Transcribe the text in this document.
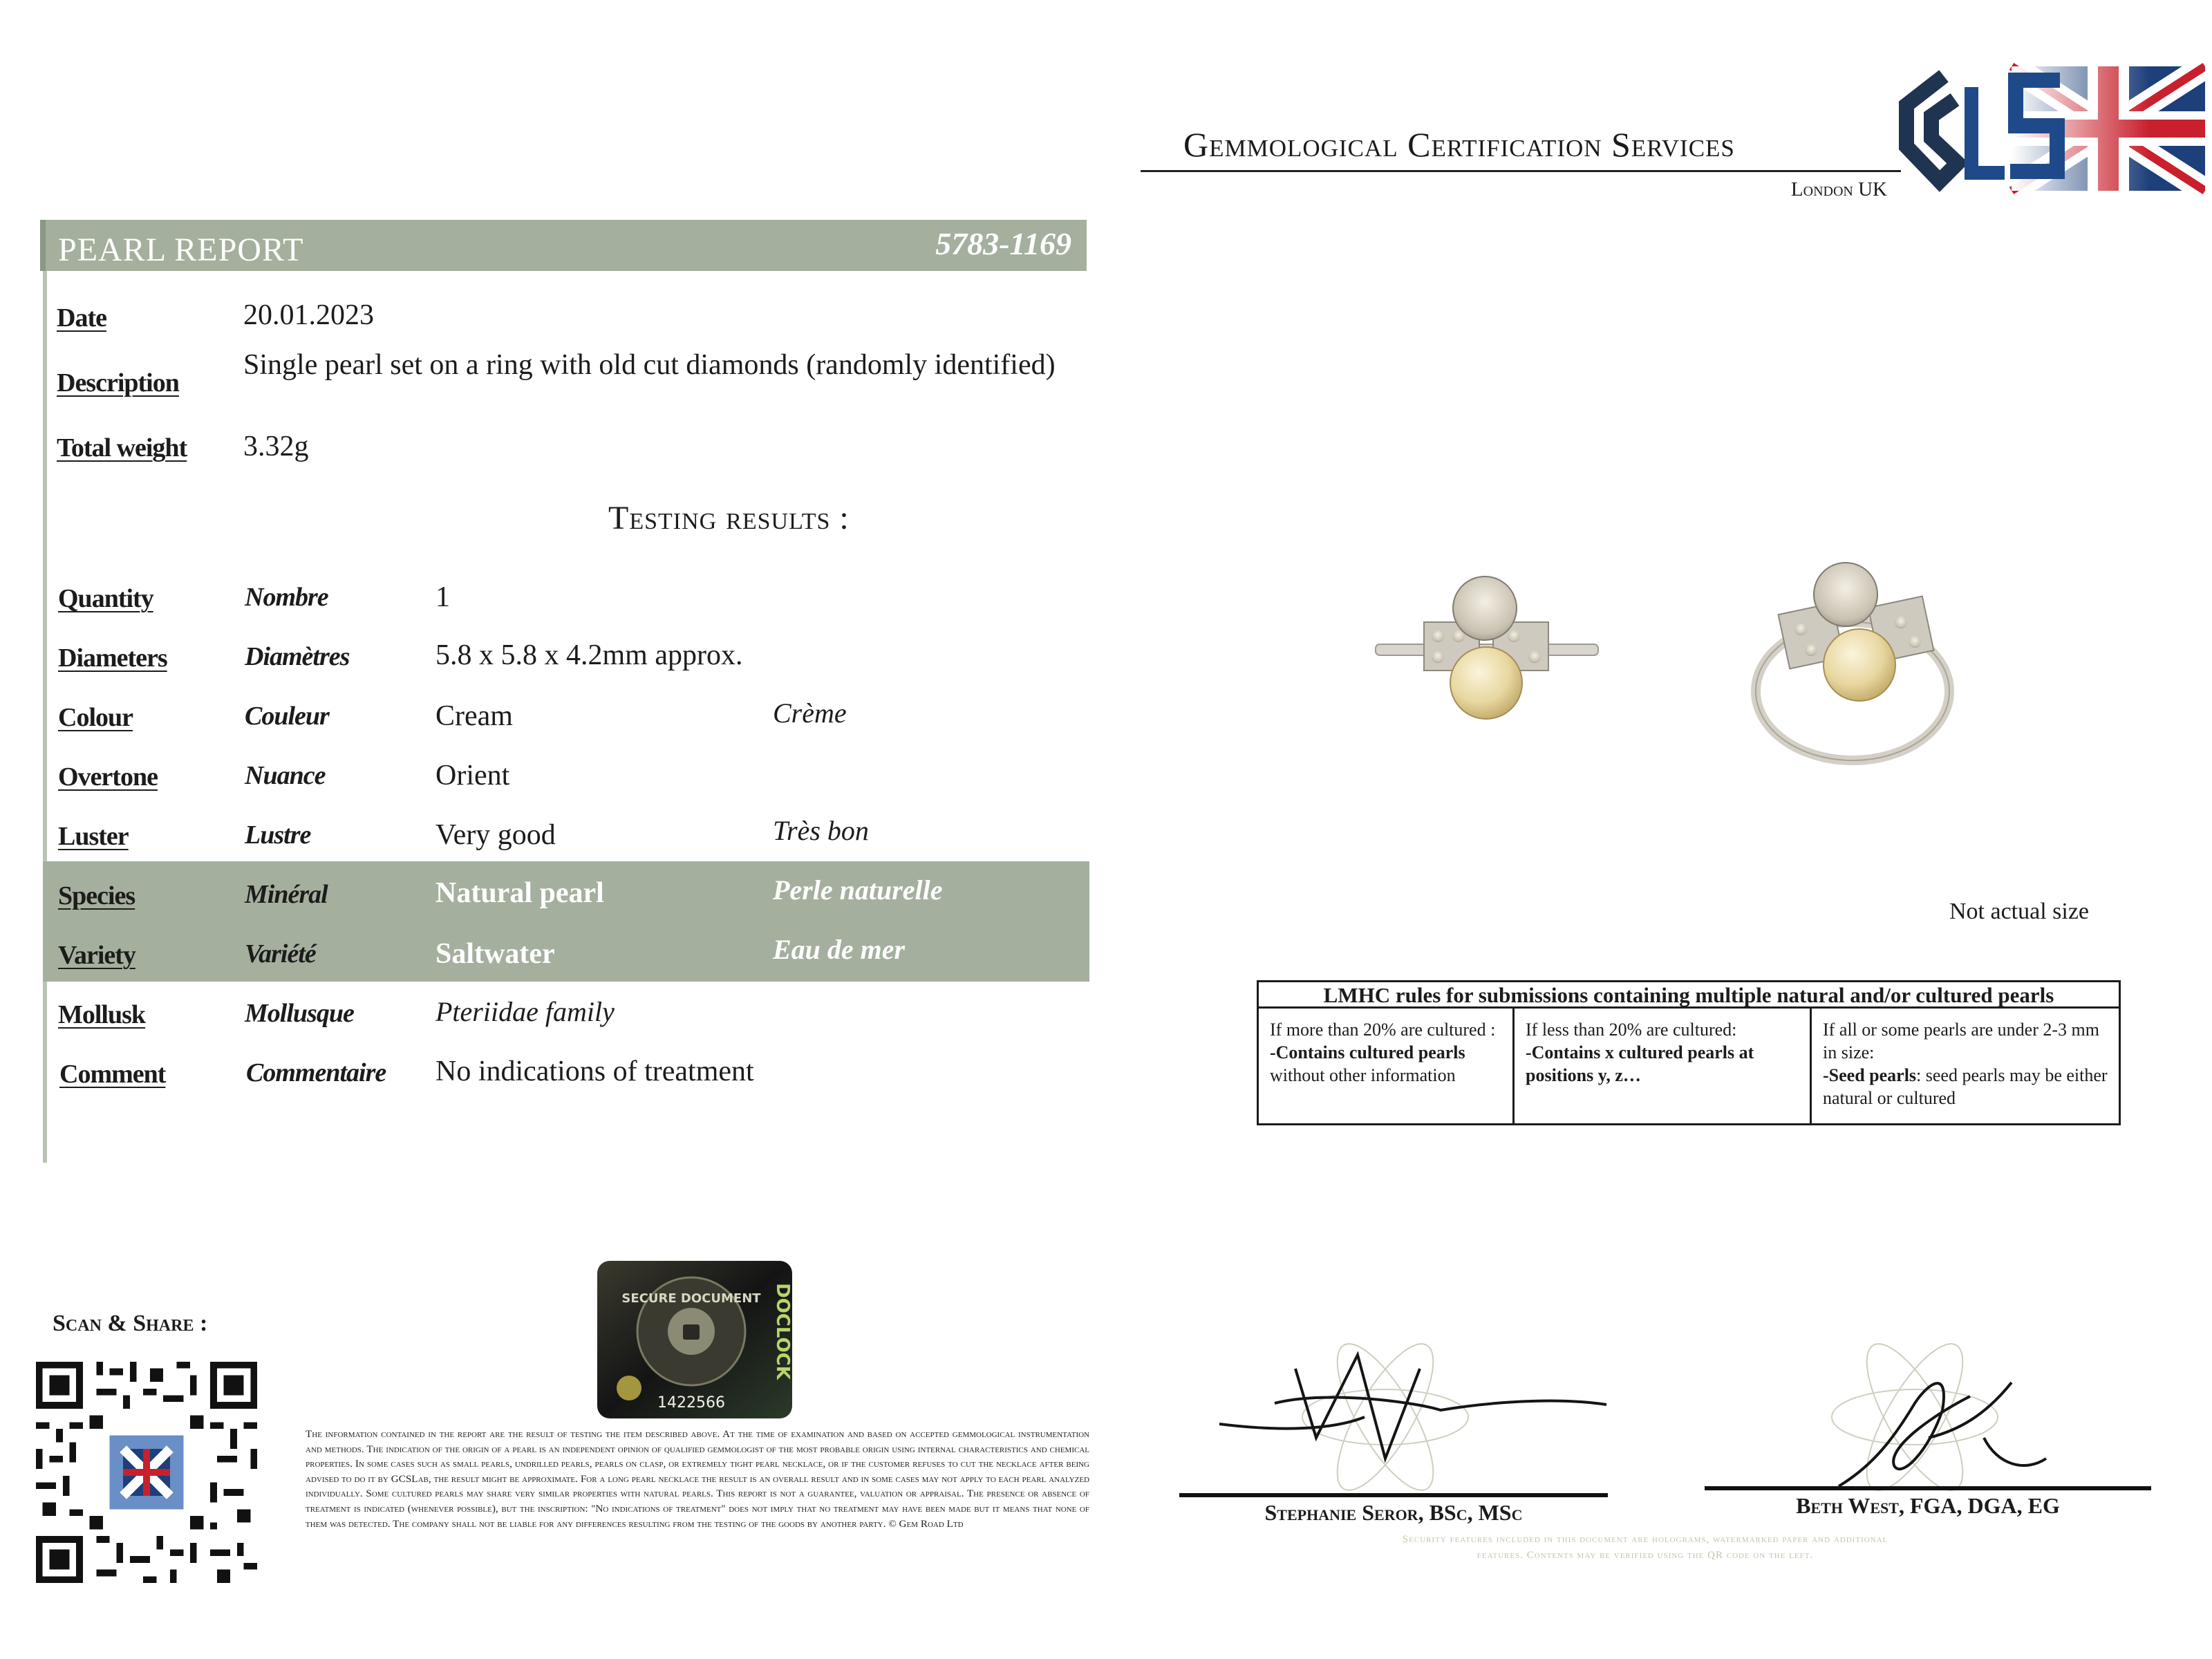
Gemmological Certification Services
London UK
GCS
PEARL REPORT	5783-1169
Date	20.01.2023
Description
Single pearl set on a ring with old cut diamonds (randomly identified)
Total weight 3.32g
Testing results :
Quantity	Nombre	1
Diameters	Diamètres	5.8 x 5.8 x 4.2mm approx.
Colour	Couleur	Cream	Crème
Overtone	Nuance	Orient
Luster	Lustre	Very good	Très bon
Species	Minéral	Natural pearl	Perle naturelle
Variety	Variété	Saltwater	Eau de mer
Mollusk	Mollusque	Pteriidae family
Comment	Commentaire No indications of treatment
Not actual size
LMHC rules for submissions containing multiple natural and/or cultured pearls
If more than 20% are cultured :
-Contains cultured pearls
without other information
If less than 20% are cultured:
-Contains x cultured pearls at positions y, z…
If all or some pearls are under 2-3 mm in size:
-Seed pearls: seed pearls may be either natural or cultured
Scan & Share :
SECURE DOCUMENT DOCLOCK
1422566
The information contained in the report are the result of testing the item described above. At the time of examination and based on accepted gemmological instrumentation and methods. The indication of the origin of a pearl is an independent opinion of qualified gemmologist of the most probable origin using internal characteristics and chemical properties. In some cases such as small pearls, undrilled pearls, pearls on clasp, or extremely tight pearl necklace, or if the customer refuses to cut the necklace after being advised to do it by GCSLab, the result might be approximate. For a long pearl necklace the result is an overall result and in some cases may not apply to each pearl analyzed individually. Some cultured pearls may share very similar properties with natural pearls. This report is not a guarantee, valuation or appraisal. The presence or absence of treatment is indicated (whenever possible), but the inscription: "No indications of treatment" does not imply that no treatment may have been made but it means that none of them was detected. The company shall not be liable for any differences resulting from the testing of the goods by another party. © Gem Road Ltd	Stephanie Seror, BSc, MSc	Beth West, FGA, DGA, EG
Security features included in this document are holograms, watermarked paper and additional features. Contents may be verified using the QR code on the left.
